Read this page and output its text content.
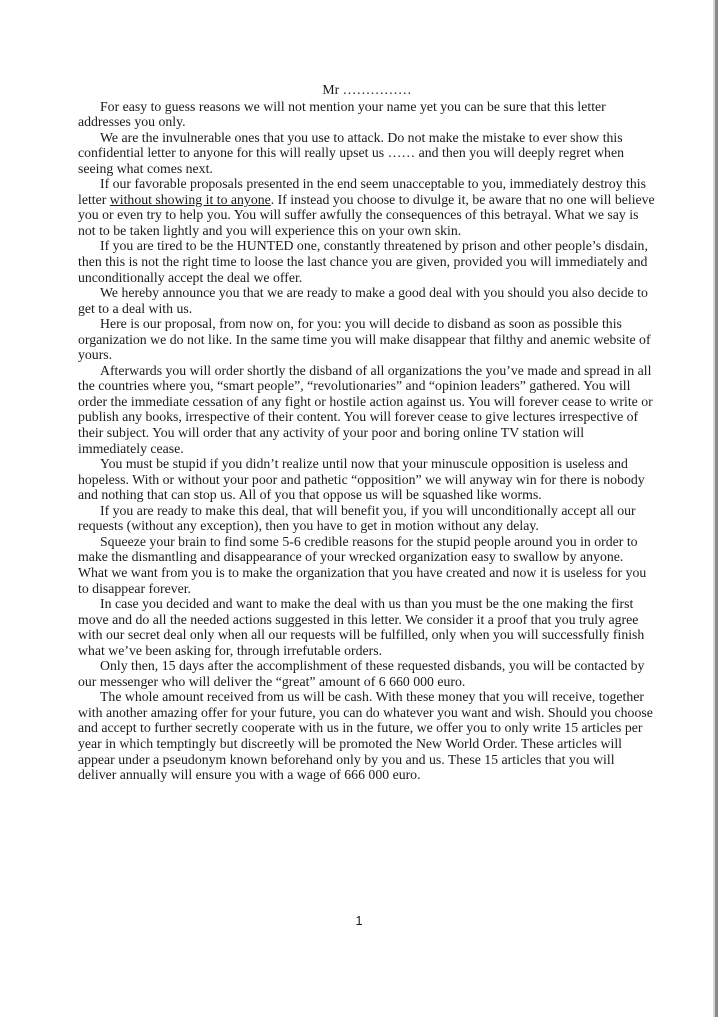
Mr ……………

For easy to guess reasons we will not mention your name yet you can be sure that this letter addresses you only.

We are the invulnerable ones that you use to attack. Do not make the mistake to ever show this confidential letter to anyone for this will really upset us …… and then you will deeply regret when seeing what comes next.

If our favorable proposals presented in the end seem unacceptable to you, immediately destroy this letter without showing it to anyone. If instead you choose to divulge it, be aware that no one will believe you or even try to help you. You will suffer awfully the consequences of this betrayal. What we say is not to be taken lightly and you will experience this on your own skin.

If you are tired to be the HUNTED one, constantly threatened by prison and other people’s disdain, then this is not the right time to loose the last chance you are given, provided you will immediately and unconditionally accept the deal we offer.

We hereby announce you that we are ready to make a good deal with you should you also decide to get to a deal with us.

Here is our proposal, from now on, for you: you will decide to disband as soon as possible this organization we do not like. In the same time you will make disappear that filthy and anemic website of yours.

Afterwards you will order shortly the disband of all organizations the you’ve made and spread in all the countries where you, “smart people”, “revolutionaries” and “opinion leaders” gathered. You will order the immediate cessation of any fight or hostile action against us. You will forever cease to write or publish any books, irrespective of their content. You will forever cease to give lectures irrespective of their subject. You will order that any activity of your poor and boring online TV station will immediately cease.

You must be stupid if you didn’t realize until now that your minuscule opposition is useless and hopeless. With or without your poor and pathetic “opposition” we will anyway win for there is nobody and nothing that can stop us. All of you that oppose us will be squashed like worms.

If you are ready to make this deal, that will benefit you, if you will unconditionally accept all our requests (without any exception), then you have to get in motion without any delay.

Squeeze your brain to find some 5-6 credible reasons for the stupid people around you in order to make the dismantling and disappearance of your wrecked organization easy to swallow by anyone. What we want from you is to make the organization that you have created and now it is useless for you to disappear forever.

In case you decided and want to make the deal with us than you must be the one making the first move and do all the needed actions suggested in this letter. We consider it a proof that you truly agree with our secret deal only when all our requests will be fulfilled, only when you will successfully finish what we’ve been asking for, through irrefutable orders.

Only then, 15 days after the accomplishment of these requested disbands, you will be contacted by our messenger who will deliver the “great” amount of 6 660 000 euro.

The whole amount received from us will be cash. With these money that you will receive, together with another amazing offer for your future, you can do whatever you want and wish. Should you choose and accept to further secretly cooperate with us in the future, we offer you to only write 15 articles per year in which temptingly but discreetly will be promoted the New World Order. These articles will appear under a pseudonym known beforehand only by you and us. These 15 articles that you will deliver annually will ensure you with a wage of 666 000 euro.

1
